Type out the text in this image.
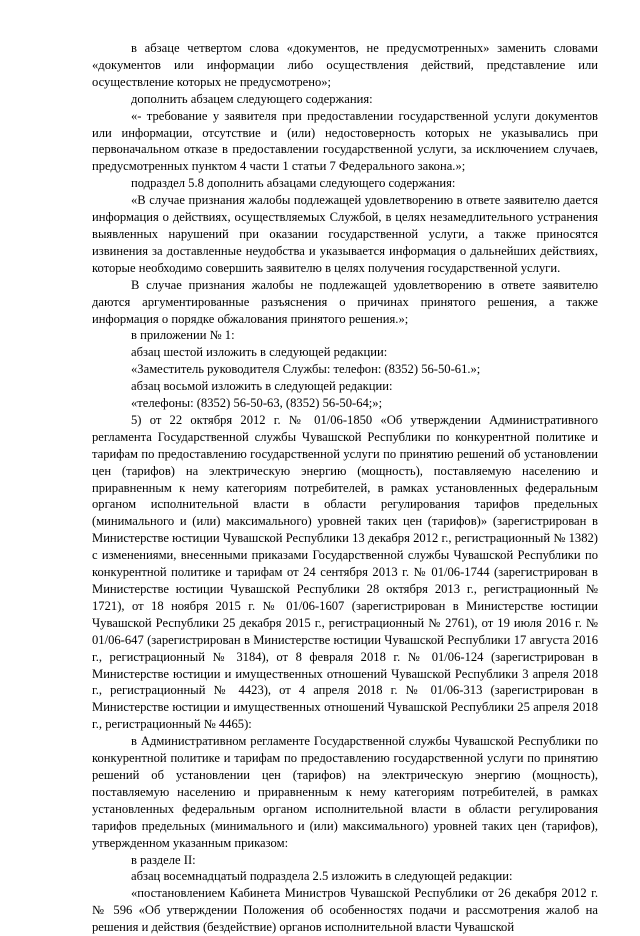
в абзаце четвертом слова «документов, не предусмотренных» заменить словами «документов или информации либо осуществления действий, представление или осуществление которых не предусмотрено»;

дополнить абзацем следующего содержания:

«- требование у заявителя при предоставлении государственной услуги документов или информации, отсутствие и (или) недостоверность которых не указывались при первоначальном отказе в предоставлении государственной услуги, за исключением случаев, предусмотренных пунктом 4 части 1 статьи 7 Федерального закона.»;

подраздел 5.8 дополнить абзацами следующего содержания:

«В случае признания жалобы подлежащей удовлетворению в ответе заявителю дается информация о действиях, осуществляемых Службой, в целях незамедлительного устранения выявленных нарушений при оказании государственной услуги, а также приносятся извинения за доставленные неудобства и указывается информация о дальнейших действиях, которые необходимо совершить заявителю в целях получения государственной услуги.

В случае признания жалобы не подлежащей удовлетворению в ответе заявителю даются аргументированные разъяснения о причинах принятого решения, а также информация о порядке обжалования принятого решения.»;

в приложении № 1:

абзац шестой изложить в следующей редакции:

«Заместитель руководителя Службы: телефон: (8352) 56-50-61.»;

абзац восьмой изложить в следующей редакции:

«телефоны: (8352) 56-50-63, (8352) 56-50-64;»;

5) от 22 октября 2012 г. № 01/06-1850 «Об утверждении Административного регламента Государственной службы Чувашской Республики по конкурентной политике и тарифам по предоставлению государственной услуги по принятию решений об установлении цен (тарифов) на электрическую энергию (мощность), поставляемую населению и приравненным к нему категориям потребителей, в рамках установленных федеральным органом исполнительной власти в области регулирования тарифов предельных (минимального и (или) максимального) уровней таких цен (тарифов)» (зарегистрирован в Министерстве юстиции Чувашской Республики 13 декабря 2012 г., регистрационный № 1382) с изменениями, внесенными приказами Государственной службы Чувашской Республики по конкурентной политике и тарифам от 24 сентября 2013 г. № 01/06-1744 (зарегистрирован в Министерстве юстиции Чувашской Республики 28 октября 2013 г., регистрационный № 1721), от 18 ноября 2015 г. № 01/06-1607 (зарегистрирован в Министерстве юстиции Чувашской Республики 25 декабря 2015 г., регистрационный № 2761), от 19 июля 2016 г. № 01/06-647 (зарегистрирован в Министерстве юстиции Чувашской Республики 17 августа 2016 г., регистрационный № 3184), от 8 февраля 2018 г. № 01/06-124 (зарегистрирован в Министерстве юстиции и имущественных отношений Чувашской Республики 3 апреля 2018 г., регистрационный № 4423), от 4 апреля 2018 г. № 01/06-313 (зарегистрирован в Министерстве юстиции и имущественных отношений Чувашской Республики 25 апреля 2018 г., регистрационный № 4465):

в Административном регламенте Государственной службы Чувашской Республики по конкурентной политике и тарифам по предоставлению государственной услуги по принятию решений об установлении цен (тарифов) на электрическую энергию (мощность), поставляемую населению и приравненным к нему категориям потребителей, в рамках установленных федеральным органом исполнительной власти в области регулирования тарифов предельных (минимального и (или) максимального) уровней таких цен (тарифов), утвержденном указанным приказом:

в разделе II:

абзац восемнадцатый подраздела 2.5 изложить в следующей редакции:

«постановлением Кабинета Министров Чувашской Республики от 26 декабря 2012 г. № 596 «Об утверждении Положения об особенностях подачи и рассмотрения жалоб на решения и действия (бездействие) органов исполнительной власти Чувашской
